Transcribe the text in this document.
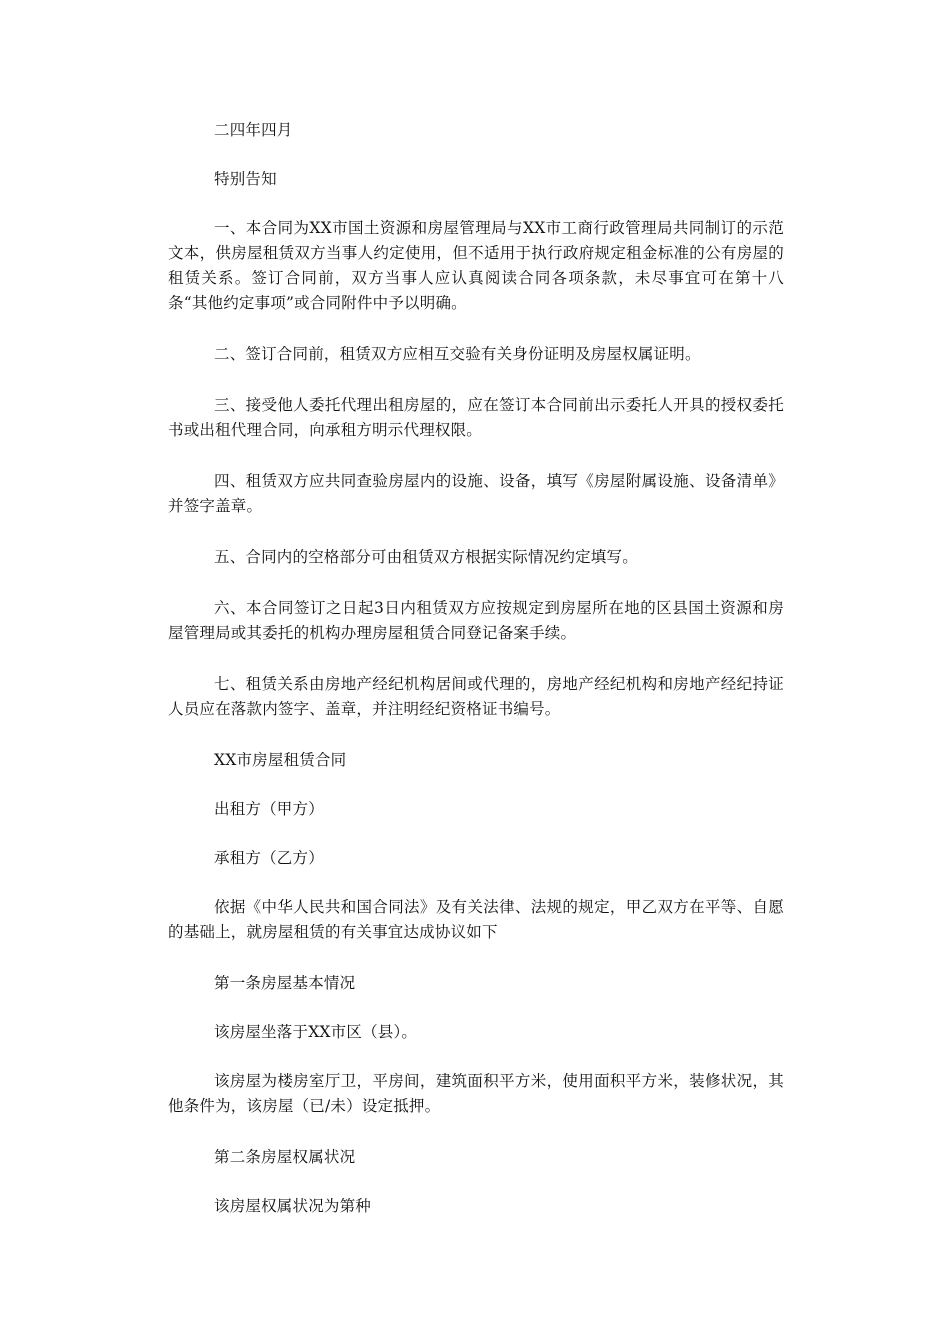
二四年四月

特别告知

一、本合同为XX市国土资源和房屋管理局与XX市工商行政管理局共同制订的示范文本，供房屋租赁双方当事人约定使用，但不适用于执行政府规定租金标准的公有房屋的租赁关系。签订合同前，双方当事人应认真阅读合同各项条款，未尽事宜可在第十八条“其他约定事项”或合同附件中予以明确。

二、签订合同前，租赁双方应相互交验有关身份证明及房屋权属证明。

三、接受他人委托代理出租房屋的，应在签订本合同前出示委托人开具的授权委托书或出租代理合同，向承租方明示代理权限。

四、租赁双方应共同查验房屋内的设施、设备，填写《房屋附属设施、设备清单》并签字盖章。

五、合同内的空格部分可由租赁双方根据实际情况约定填写。

六、本合同签订之日起3日内租赁双方应按规定到房屋所在地的区县国土资源和房屋管理局或其委托的机构办理房屋租赁合同登记备案手续。

七、租赁关系由房地产经纪机构居间或代理的，房地产经纪机构和房地产经纪持证人员应在落款内签字、盖章，并注明经纪资格证书编号。

XX市房屋租赁合同

出租方（甲方）

承租方（乙方）

依据《中华人民共和国合同法》及有关法律、法规的规定，甲乙双方在平等、自愿的基础上，就房屋租赁的有关事宜达成协议如下

第一条房屋基本情况

该房屋坐落于XX市区（县）。

该房屋为楼房室厅卫，平房间，建筑面积平方米，使用面积平方米，装修状况，其他条件为，该房屋（已/未）设定抵押。

第二条房屋权属状况

该房屋权属状况为第种
